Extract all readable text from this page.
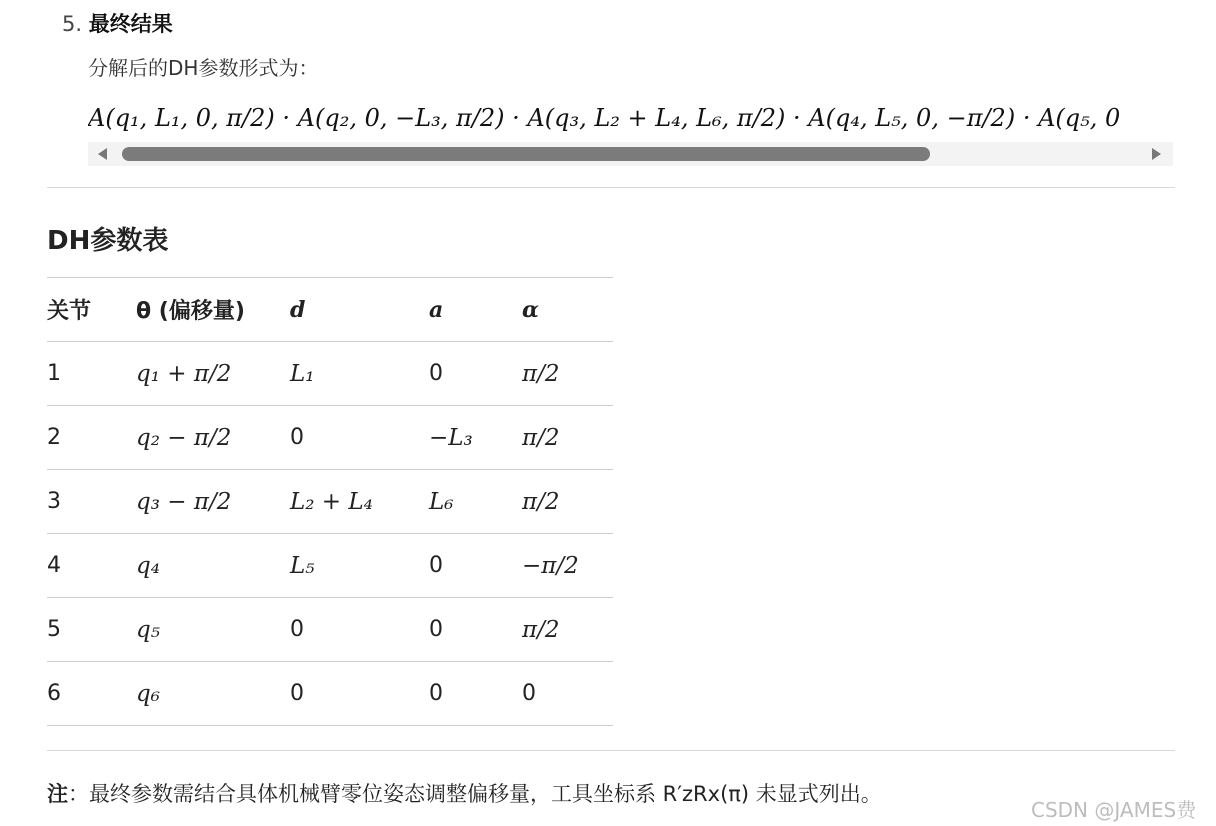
5. 最终结果
分解后的DH参数形式为：
A(q₁, L₁, 0, π/2) · A(q₂, 0, −L₃, π/2) · A(q₃, L₂ + L₄, L₆, π/2) · A(q₄, L₅, 0, −π/2) · A(q₅, 0
DH参数表
关节	θ (偏移量)	d	a	α
1	q₁ + π/2	L₁	0	π/2
2	q₂ − π/2	0	−L₃	π/2
3	q₃ − π/2	L₂ + L₄	L₆	π/2
4	q₄	L₅	0	−π/2
5	q₅	0	0	π/2
6	q₆	0	0	0
注：最终参数需结合具体机械臂零位姿态调整偏移量，工具坐标系 R′zRx(π) 未显式列出。
CSDN @JAMES费
